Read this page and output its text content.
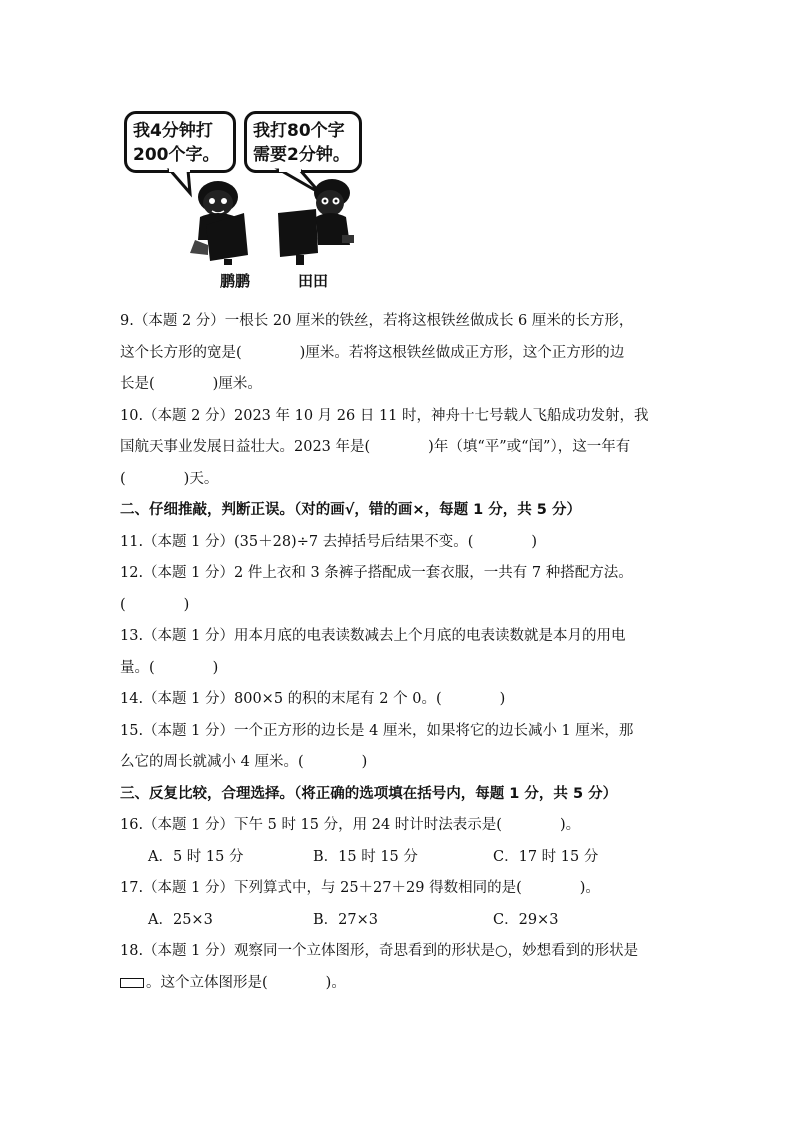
我4分钟打
200个字。
我打80个字
需要2分钟。
鹏鹏	田田

9.（本题 2 分）一根长 20 厘米的铁丝，若将这根铁丝做成长 6 厘米的长方形，

这个长方形的宽是(　　　　)厘米。若将这根铁丝做成正方形，这个正方形的边

长是(　　　　)厘米。

10.（本题 2 分）2023 年 10 月 26 日 11 时，神舟十七号载人飞船成功发射，我

国航天事业发展日益壮大。2023 年是(　　　　)年（填“平”或“闰”），这一年有

(　　　　)天。

二、仔细推敲，判断正误。（对的画√，错的画×，每题 1 分，共 5 分）

11.（本题 1 分）(35＋28)÷7 去掉括号后结果不变。(　　　　)

12.（本题 1 分）2 件上衣和 3 条裤子搭配成一套衣服，一共有 7 种搭配方法。

(　　　　)

13.（本题 1 分）用本月底的电表读数减去上个月底的电表读数就是本月的用电

量。(　　　　)

14.（本题 1 分）800×5 的积的末尾有 2 个 0。(　　　　)

15.（本题 1 分）一个正方形的边长是 4 厘米，如果将它的边长减小 1 厘米，那

么它的周长就减小 4 厘米。(　　　　)

三、反复比较，合理选择。（将正确的选项填在括号内，每题 1 分，共 5 分）

16.（本题 1 分）下午 5 时 15 分，用 24 时计时法表示是(　　　　)。

A．5 时 15 分	B．15 时 15 分	C．17 时 15 分

17.（本题 1 分）下列算式中，与 25＋27＋29 得数相同的是(　　　　)。

A．25×3	B．27×3	C．29×3

18.（本题 1 分）观察同一个立体图形，奇思看到的形状是○，妙想看到的形状是

。这个立体图形是(　　　　)。
